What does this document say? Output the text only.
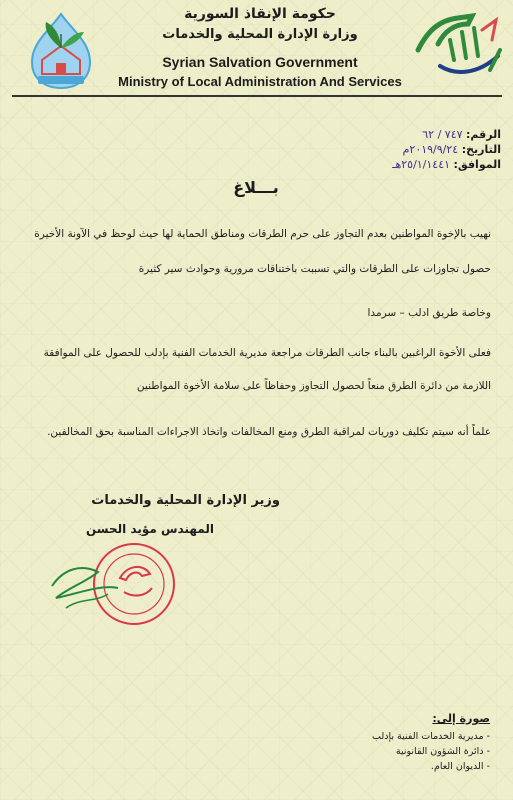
حكومة الإنقاذ السورية
وزارة الإدارة المحلية والخدمات
Syrian Salvation Government
Ministry of Local Administration And Services
الرقم: ٧٤٧ / ٦٢
التاريخ: ٢٠١٩/٩/٢٤م
الموافق: ٢٥/١/١٤٤١هـ
بـــلاغ
نهيب بالإخوة المواطنين بعدم التجاوز على حرم الطرقات ومناطق الحماية لها حيث لوحظ في الآونة الأخيرة
حصول تجاوزات على الطرقات والتي تسببت باختناقات مرورية وحوادث سير كثيرة
وخاصة طريق ادلب – سرمدا
فعلى الأخوة الراغبين بالبناء جانب الطرقات مراجعة مديرية الخدمات الفنية بإدلب للحصول على الموافقة
اللازمة من دائرة الطرق منعاً لحصول التجاوز وحفاظاً على سلامة الأخوة المواطنين
علماً أنه سيتم تكليف دوريات لمراقبة الطرق ومنع المخالفات واتخاذ الاجراءات المناسبة بحق المخالفين.
وزير الإدارة المحلية والخدمات
المهندس مؤيد الحسن
صورة إلى:
- مديرية الخدمات الفنية بإدلب
- دائرة الشؤون القانونية
- الديوان العام.
